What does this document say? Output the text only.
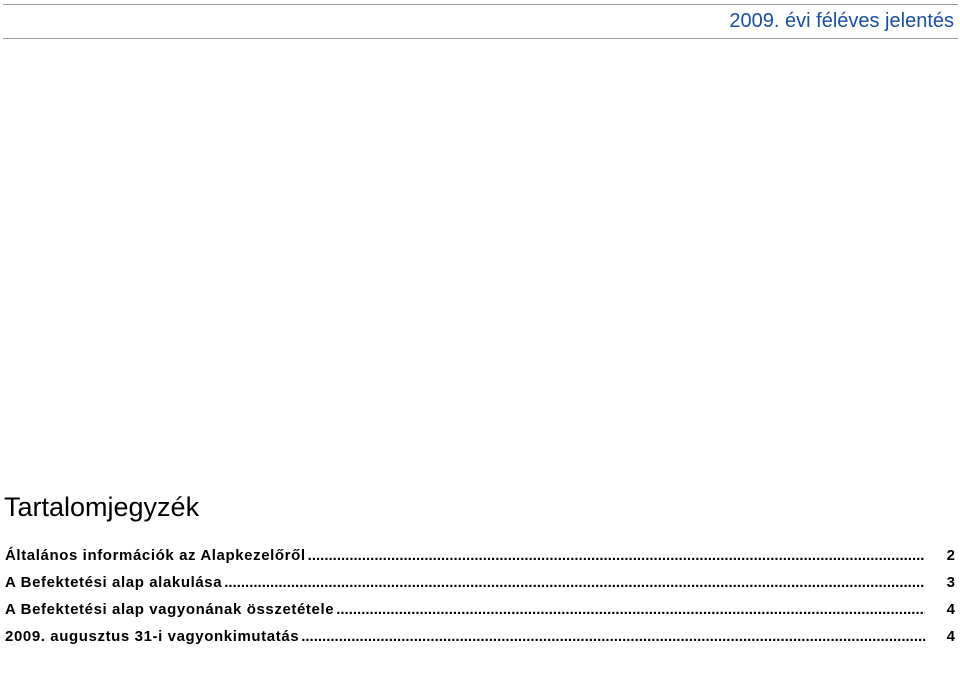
2009. évi féléves jelentés
Tartalomjegyzék
Általános információk az Alapkezelőről .....	2
A Befektetési alap alakulása .....	3
A Befektetési alap vagyonának összetétele .....	4
2009. augusztus 31-i vagyonkimutatás .....	4
